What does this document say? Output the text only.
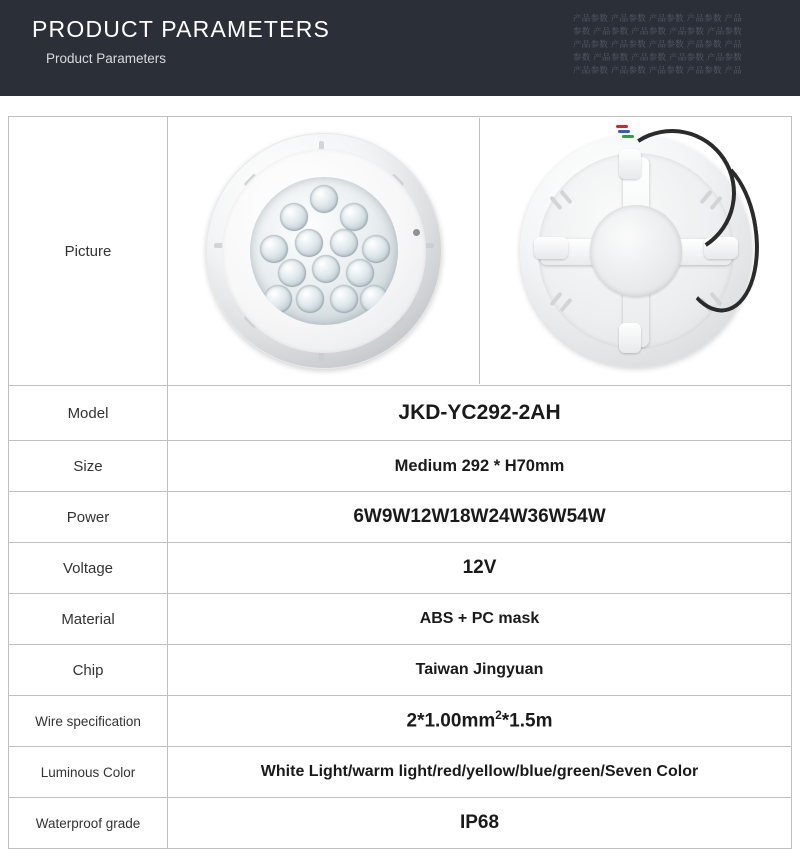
PRODUCT PARAMETERS
Product Parameters
产品参数 产品参数 产品参数 产品参数 产品
参数 产品参数 产品参数 产品参数 产品参数
产品参数 产品参数 产品参数 产品参数 产品
参数 产品参数 产品参数 产品参数 产品参数
产品参数 产品参数 产品参数 产品参数 产品
Picture	

Model	JKD-YC292-2AH
Size	Medium 292 * H70mm
Power	6W9W12W18W24W36W54W
Voltage	12V
Material	ABS + PC mask
Chip	Taiwan Jingyuan
Wire specification	$2*1.00mm^2*1.5m$
Luminous Color	White Light/warm light/red/yellow/blue/green/Seven Color
Waterproof grade	IP68
